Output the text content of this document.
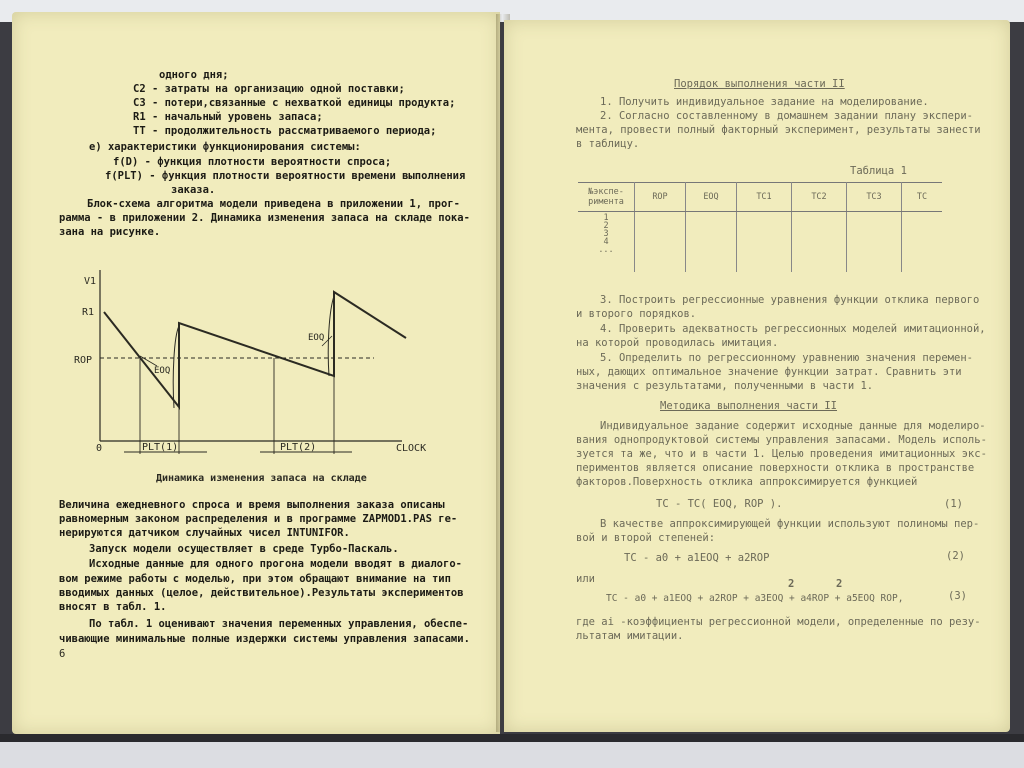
одного дня;
С2 - затраты на организацию одной поставки;
С3 - потери,связанные с нехваткой единицы продукта;
R1 - начальный уровень запаса;
TT - продолжительность рассматриваемого периода;
е) характеристики функционирования системы:
f(D) - функция плотности вероятности спроса;
f(PLT) - функция плотности вероятности времени выполнения
заказа.
Блок-схема алгоритма модели приведена в приложении 1, прог-
рамма - в приложении 2. Динамика изменения запаса на складе пока-
зана на рисунке.
V1
R1
ROP
0	CLOCK
EOQ
EOQ
PLT(1)	PLT(2)
Динамика изменения запаса на складе
Величина ежедневного спроса и время выполнения заказа описаны
равномерным законом распределения и в программе ZAPMOD1.PAS ге-
нерируются датчиком случайных чисел INTUNIFOR.
Запуск модели осуществляет в среде Турбо-Паскаль.
Исходные данные для одного прогона модели вводят в диалого-
вом режиме работы с моделью, при этом обращают внимание на тип
вводимых данных (целое, действительное).Результаты экспериментов
вносят в табл. 1.
По табл. 1 оценивают значения переменных управления, обеспе-
чивающие минимальные полные издержки системы управления запасами.
6
Порядок выполнения части II
1. Получить индивидуальное задание на моделирование.
2. Согласно составленному в домашнем задании плану экспери-
мента, провести полный факторный эксперимент, результаты занести
в таблицу.
Таблица 1
№экспе-
римента	ROP	EOQ	TC1	TC2	TC3	TC
1
2
3
4
...						
3. Построить регрессионные уравнения функции отклика первого
и второго порядков.
4. Проверить адекватность регрессионных моделей имитационной,
на которой проводилась имитация.
5. Определить по регрессионному уравнению значения перемен-
ных, дающих оптимальное значение функции затрат. Сравнить эти
значения с результатами, полученными в части 1.
Методика выполнения части II
Индивидуальное задание содержит исходные данные для моделиро-
вания однопродуктовой системы управления запасами. Модель исполь-
зуется та же, что и в части 1. Целью проведения имитационных экс-
периментов является описание поверхности отклика в пространстве
факторов.Поверхность отклика аппроксимируется функцией
TC - TC( EOQ, ROP ).	(1)
В качестве аппроксимирующей функции используют полиномы пер-
вой и второй степеней:
TC - a0 + a1EOQ + a2ROP	(2)
или	2	2
TC - a0 + a1EOQ + a2ROP + a3EOQ + a4ROP + a5EOQ ROP,	(3)
где ai -коэффициенты регрессионной модели, определенные по резу-
льтатам имитации.
